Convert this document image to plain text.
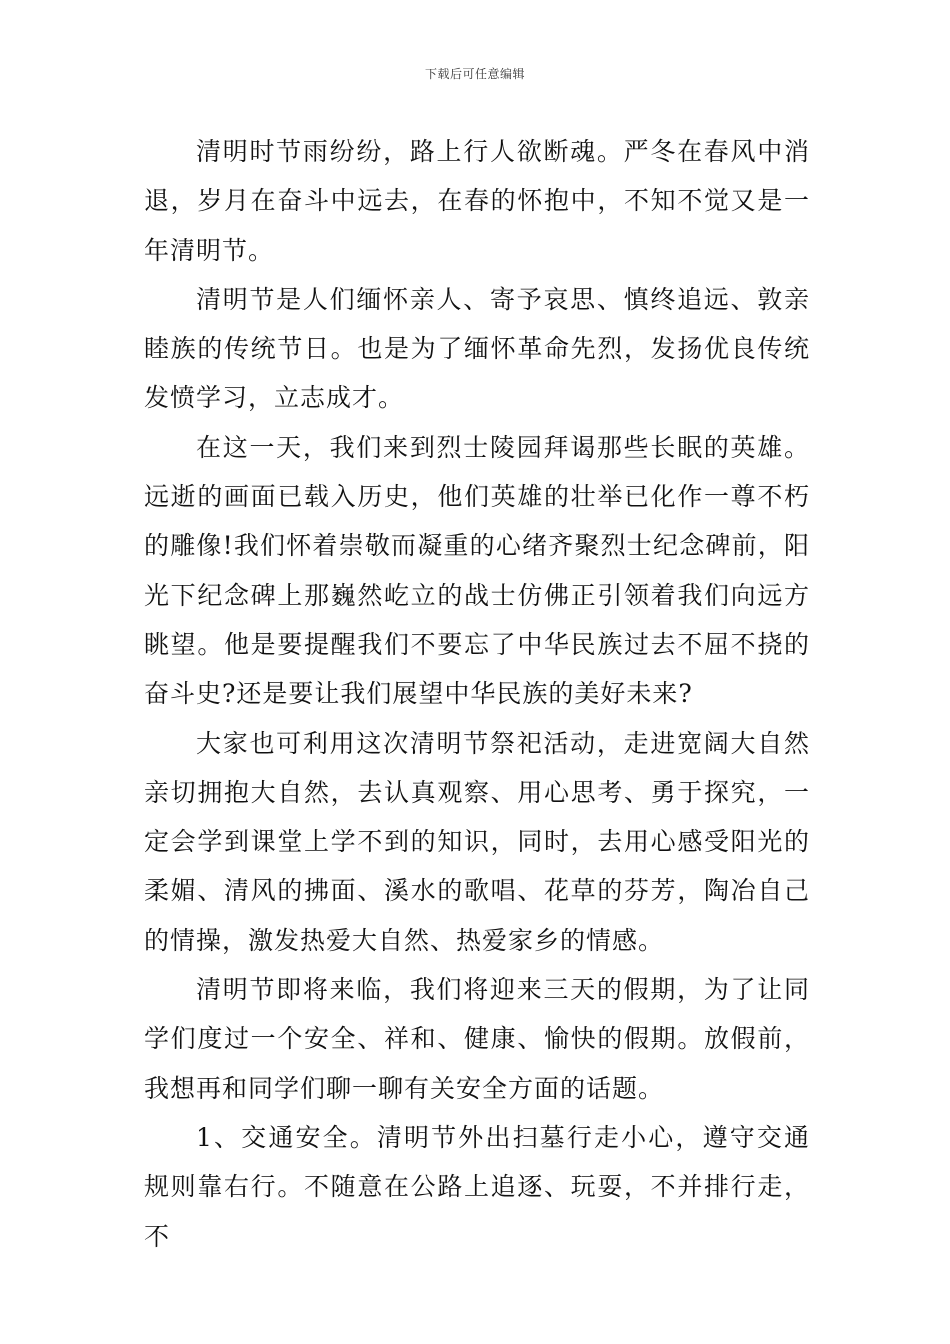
下载后可任意编辑

清明时节雨纷纷，路上行人欲断魂。严冬在春风中消退，岁月在奋斗中远去，在春的怀抱中，不知不觉又是一年清明节。

清明节是人们缅怀亲人、寄予哀思、慎终追远、敦亲睦族的传统节日。也是为了缅怀革命先烈，发扬优良传统发愤学习，立志成才。

在这一天，我们来到烈士陵园拜谒那些长眠的英雄。远逝的画面已载入历史，他们英雄的壮举已化作一尊不朽的雕像!我们怀着崇敬而凝重的心绪齐聚烈士纪念碑前，阳光下纪念碑上那巍然屹立的战士仿佛正引领着我们向远方眺望。他是要提醒我们不要忘了中华民族过去不屈不挠的奋斗史?还是要让我们展望中华民族的美好未来?

大家也可利用这次清明节祭祀活动，走进宽阔大自然亲切拥抱大自然，去认真观察、用心思考、勇于探究，一定会学到课堂上学不到的知识，同时，去用心感受阳光的柔媚、清风的拂面、溪水的歌唱、花草的芬芳，陶冶自己的情操，激发热爱大自然、热爱家乡的情感。

清明节即将来临，我们将迎来三天的假期，为了让同学们度过一个安全、祥和、健康、愉快的假期。放假前，我想再和同学们聊一聊有关安全方面的话题。

1、交通安全。清明节外出扫墓行走小心，遵守交通规则靠右行。不随意在公路上追逐、玩耍，不并排行走，不
